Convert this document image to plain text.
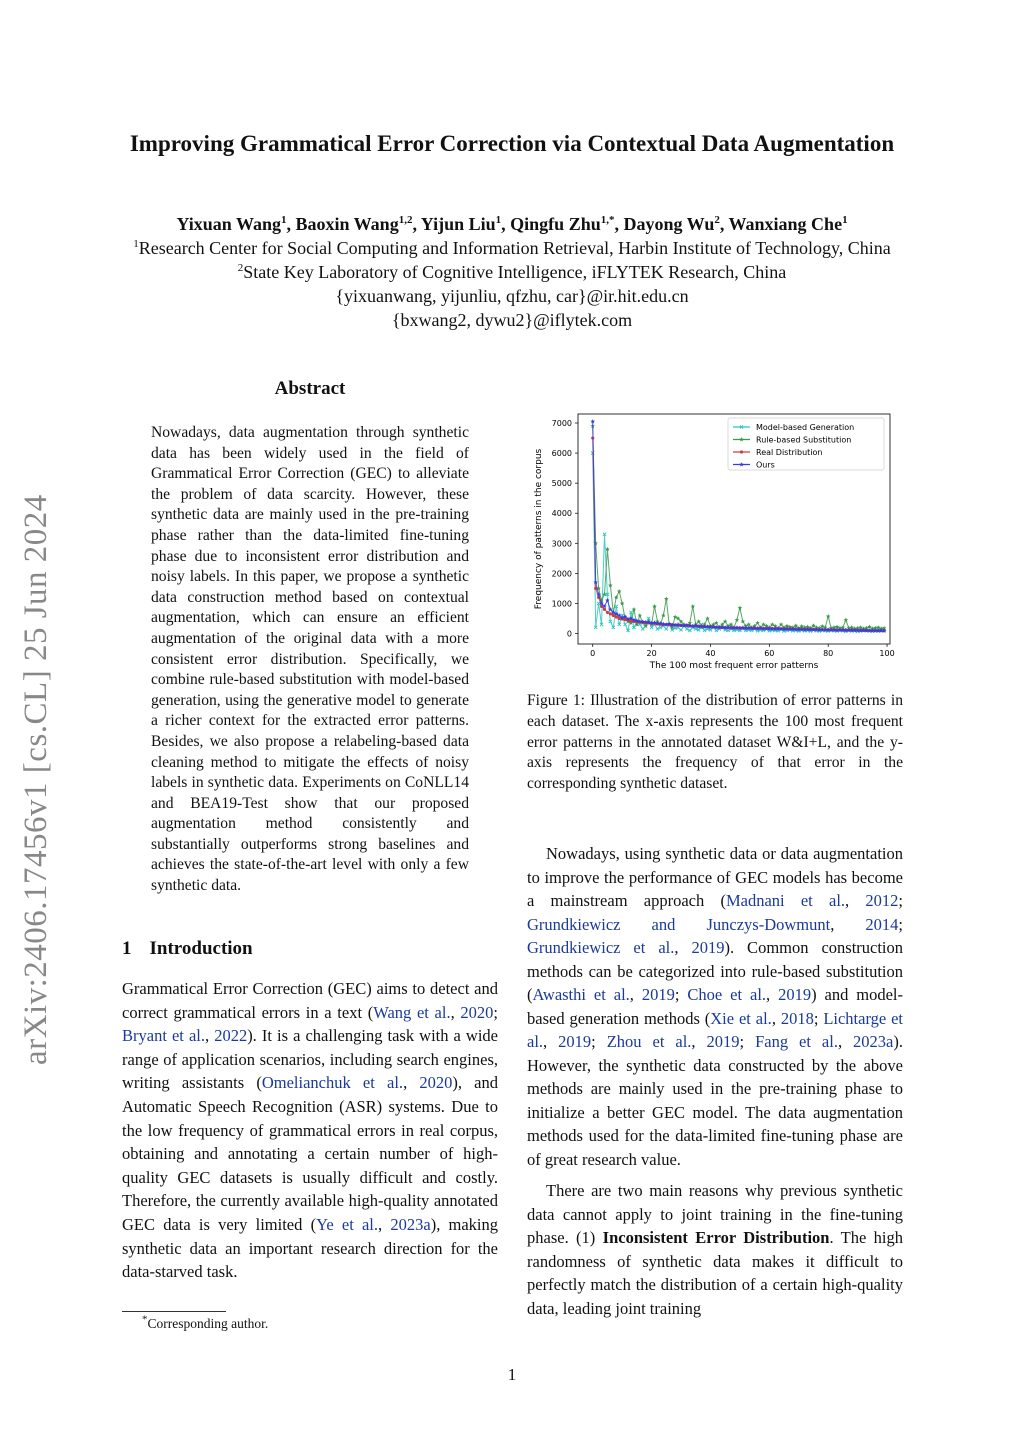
Improving Grammatical Error Correction via Contextual Data Augmentation
Yixuan Wang$^1$, Baoxin Wang$^{1,2}$, Yijun Liu$^1$, Qingfu Zhu$^{1,*}$, Dayong Wu$^2$, Wanxiang Che$^1$
$^1$Research Center for Social Computing and Information Retrieval, Harbin Institute of Technology, China
$^2$State Key Laboratory of Cognitive Intelligence, iFLYTEK Research, China
{yixuanwang, yijunliu, qfzhu, car}@ir.hit.edu.cn
{bxwang2, dywu2}@iflytek.com
arXiv:2406.17456v1 [cs.CL] 25 Jun 2024
Abstract
Nowadays, data augmentation through synthetic data has been widely used in the field of Grammatical Error Correction (GEC) to alleviate the problem of data scarcity. However, these synthetic data are mainly used in the pre-training phase rather than the data-limited fine-tuning phase due to inconsistent error distribution and noisy labels. In this paper, we propose a synthetic data construction method based on contextual augmentation, which can ensure an efficient augmentation of the original data with a more consistent error distribution. Specifically, we combine rule-based substitution with model-based generation, using the generative model to generate a richer context for the extracted error patterns. Besides, we also propose a relabeling-based data cleaning method to mitigate the effects of noisy labels in synthetic data. Experiments on CoNLL14 and BEA19-Test show that our proposed augmentation method consistently and substantially outperforms strong baselines and achieves the state-of-the-art level with only a few synthetic data.
1 Introduction
Grammatical Error Correction (GEC) aims to detect and correct grammatical errors in a text (Wang et al., 2020; Bryant et al., 2022). It is a challenging task with a wide range of application scenarios, including search engines, writing assistants (Omelianchuk et al., 2020), and Automatic Speech Recognition (ASR) systems. Due to the low frequency of grammatical errors in real corpus, obtaining and annotating a certain number of high-quality GEC datasets is usually difficult and costly. Therefore, the currently available high-quality annotated GEC data is very limited (Ye et al., 2023a), making synthetic data an important research direction for the data-starved task.
*Corresponding author.
0	20	40	60	80	100
0
1000
2000
3000
4000
5000
6000
7000
The 100 most frequent error patterns
Frequency of patterns in the corpus
Model-based Generation
Rule-based Substitution
Real Distribution
Ours
Figure 1: Illustration of the distribution of error patterns in each dataset. The x-axis represents the 100 most frequent error patterns in the annotated dataset W&I+L, and the y-axis represents the frequency of that error in the corresponding synthetic dataset.

Nowadays, using synthetic data or data augmentation to improve the performance of GEC models has become a mainstream approach (Madnani et al., 2012; Grundkiewicz and Junczys-Dowmunt, 2014; Grundkiewicz et al., 2019). Common construction methods can be categorized into rule-based substitution (Awasthi et al., 2019; Choe et al., 2019) and model-based generation methods (Xie et al., 2018; Lichtarge et al., 2019; Zhou et al., 2019; Fang et al., 2023a). However, the synthetic data constructed by the above methods are mainly used in the pre-training phase to initialize a better GEC model. The data augmentation methods used for the data-limited fine-tuning phase are of great research value.

There are two main reasons why previous synthetic data cannot apply to joint training in the fine-tuning phase. (1) Inconsistent Error Distribution. The high randomness of synthetic data makes it difficult to perfectly match the distribution of a certain high-quality data, leading joint training

1
